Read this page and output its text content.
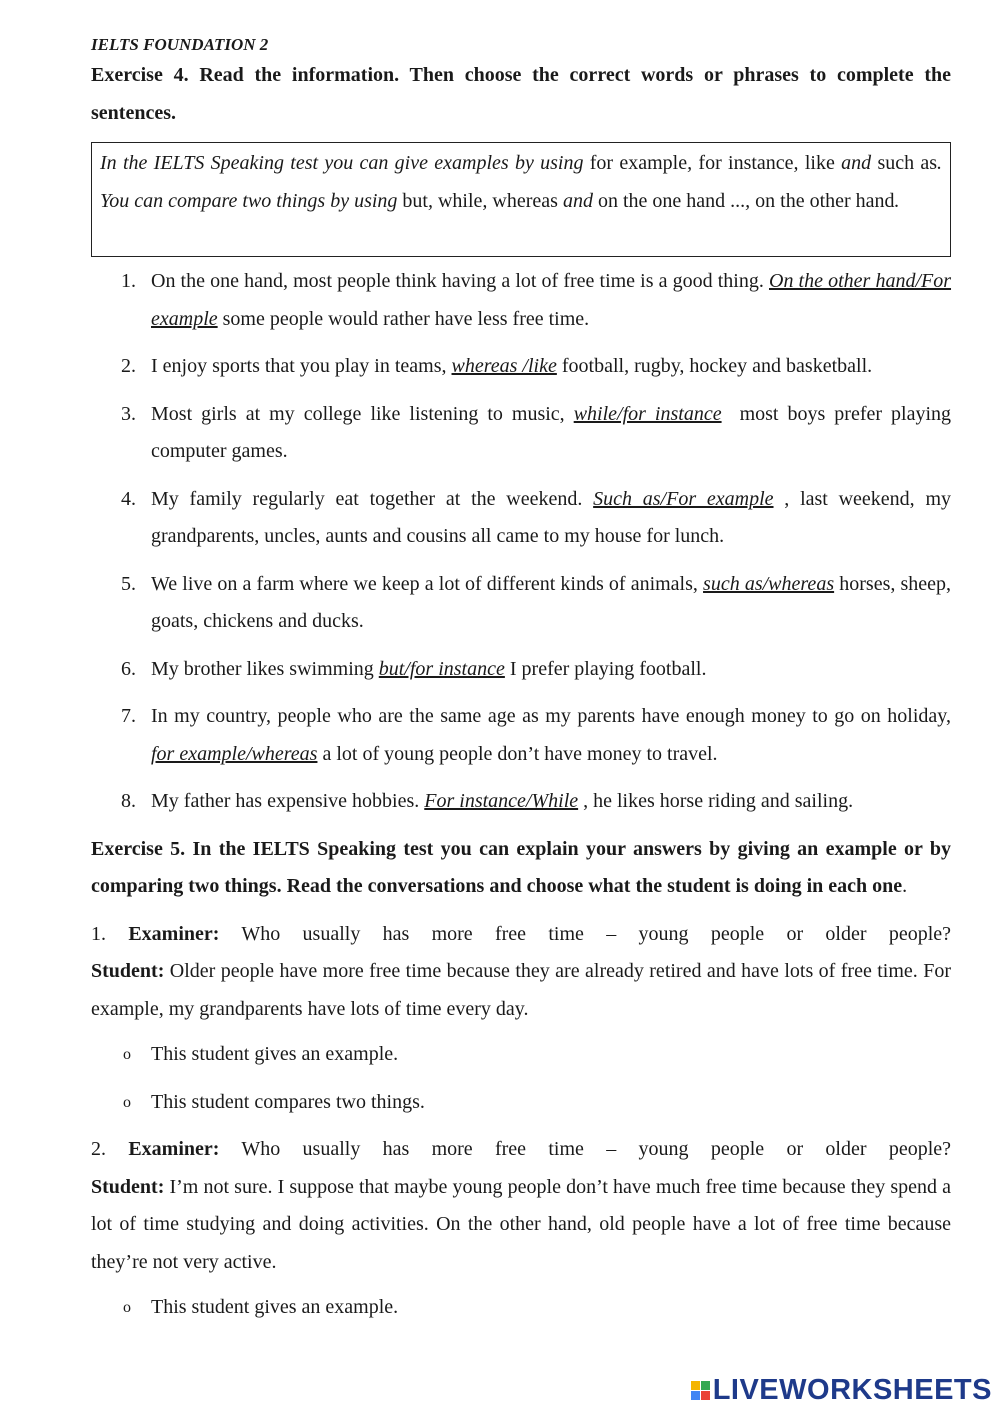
IELTS FOUNDATION 2
Exercise 4. Read the information. Then choose the correct words or phrases to complete the sentences.
In the IELTS Speaking test you can give examples by using for example, for instance, like and such as. You can compare two things by using but, while, whereas and on the one hand ..., on the other hand.
1. On the one hand, most people think having a lot of free time is a good thing. On the other hand/For example some people would rather have less free time.
2. I enjoy sports that you play in teams, whereas /like football, rugby, hockey and basketball.
3. Most girls at my college like listening to music, while/for instance most boys prefer playing computer games.
4. My family regularly eat together at the weekend. Such as/For example , last weekend, my grandparents, uncles, aunts and cousins all came to my house for lunch.
5. We live on a farm where we keep a lot of different kinds of animals, such as/whereas horses, sheep, goats, chickens and ducks.
6. My brother likes swimming but/for instance I prefer playing football.
7. In my country, people who are the same age as my parents have enough money to go on holiday, for example/whereas a lot of young people don’t have money to travel.
8. My father has expensive hobbies. For instance/While , he likes horse riding and sailing.
Exercise 5. In the IELTS Speaking test you can explain your answers by giving an example or by comparing two things. Read the conversations and choose what the student is doing in each one.
1. Examiner: Who usually has more free time – young people or older people?
Student: Older people have more free time because they are already retired and have lots of free time. For example, my grandparents have lots of time every day.
o This student gives an example.
o This student compares two things.
2. Examiner: Who usually has more free time – young people or older people?
Student: I’m not sure. I suppose that maybe young people don’t have much free time because they spend a lot of time studying and doing activities. On the other hand, old people have a lot of free time because they’re not very active.
o This student gives an example.
LIVEWORKSHEETS
